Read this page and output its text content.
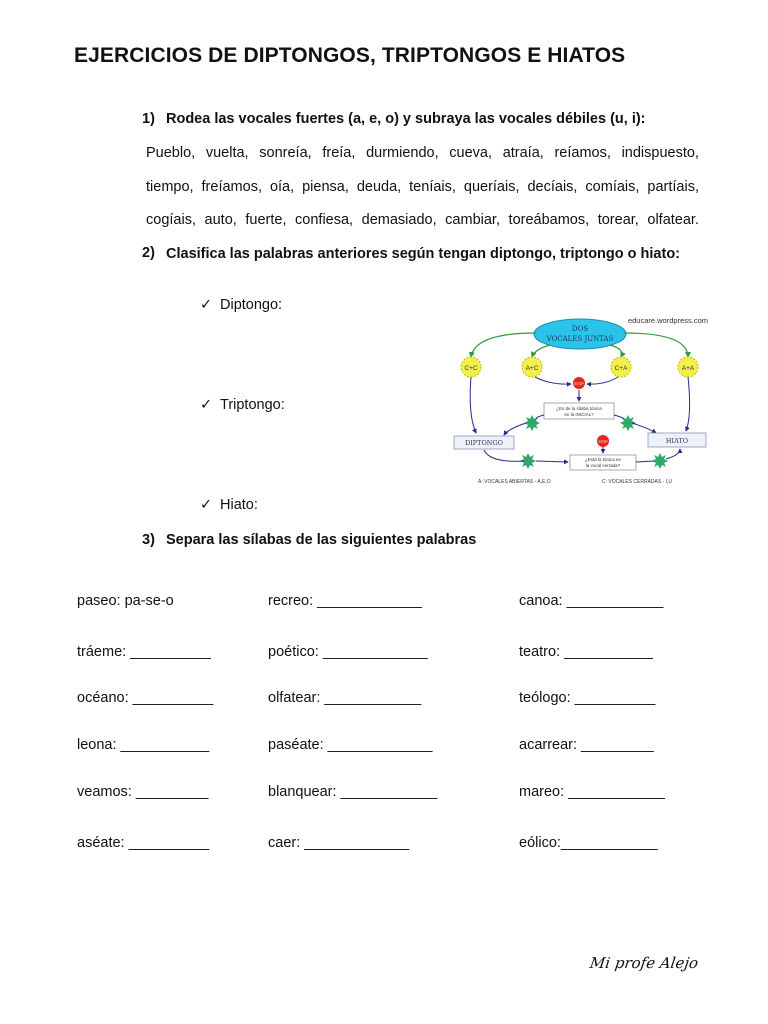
EJERCICIOS DE DIPTONGOS, TRIPTONGOS E HIATOS
1) Rodea las vocales fuertes (a, e, o) y subraya las vocales débiles (u, i):
Pueblo, vuelta, sonreía, freía, durmiendo, cueva, atraía, reíamos, indispuesto,
tiempo, freíamos, oía, piensa, deuda, teníais, queríais, decíais, comíais, partíais,
cogíais, auto, fuerte, confiesa, demasiado, cambiar, toreábamos, torear, olfatear.
2) Clasifica las palabras anteriores según tengan diptongo, triptongo o hiato:
✓ Diptongo:
✓ Triptongo:
✓ Hiato:
educare.wordpress.com
DOS
VOCALES JUNTAS
C+C	A+C	C+A	A+A
STOP
STOP
¿Es de la sílaba tónica
en la INICIAL?
DIPTONGO	HIATO
¿Está la tónica en
la vocal cerrada?
A: VOCALES ABIERTAS - A,E,O	C: VOCALES CERRADAS - I,U
3) Separa las sílabas de las siguientes palabras
paseo: pa-se-o	recreo: _____________	canoa: ____________
tráeme: __________	poético: _____________	teatro: ___________
océano: __________	olfatear: ____________	teólogo: __________
leona: ___________	paséate: _____________	acarrear: _________
veamos: _________	blanquear: ____________	mareo: ____________
aséate: __________	caer: _____________	eólico:____________
Mi profe Alejo
